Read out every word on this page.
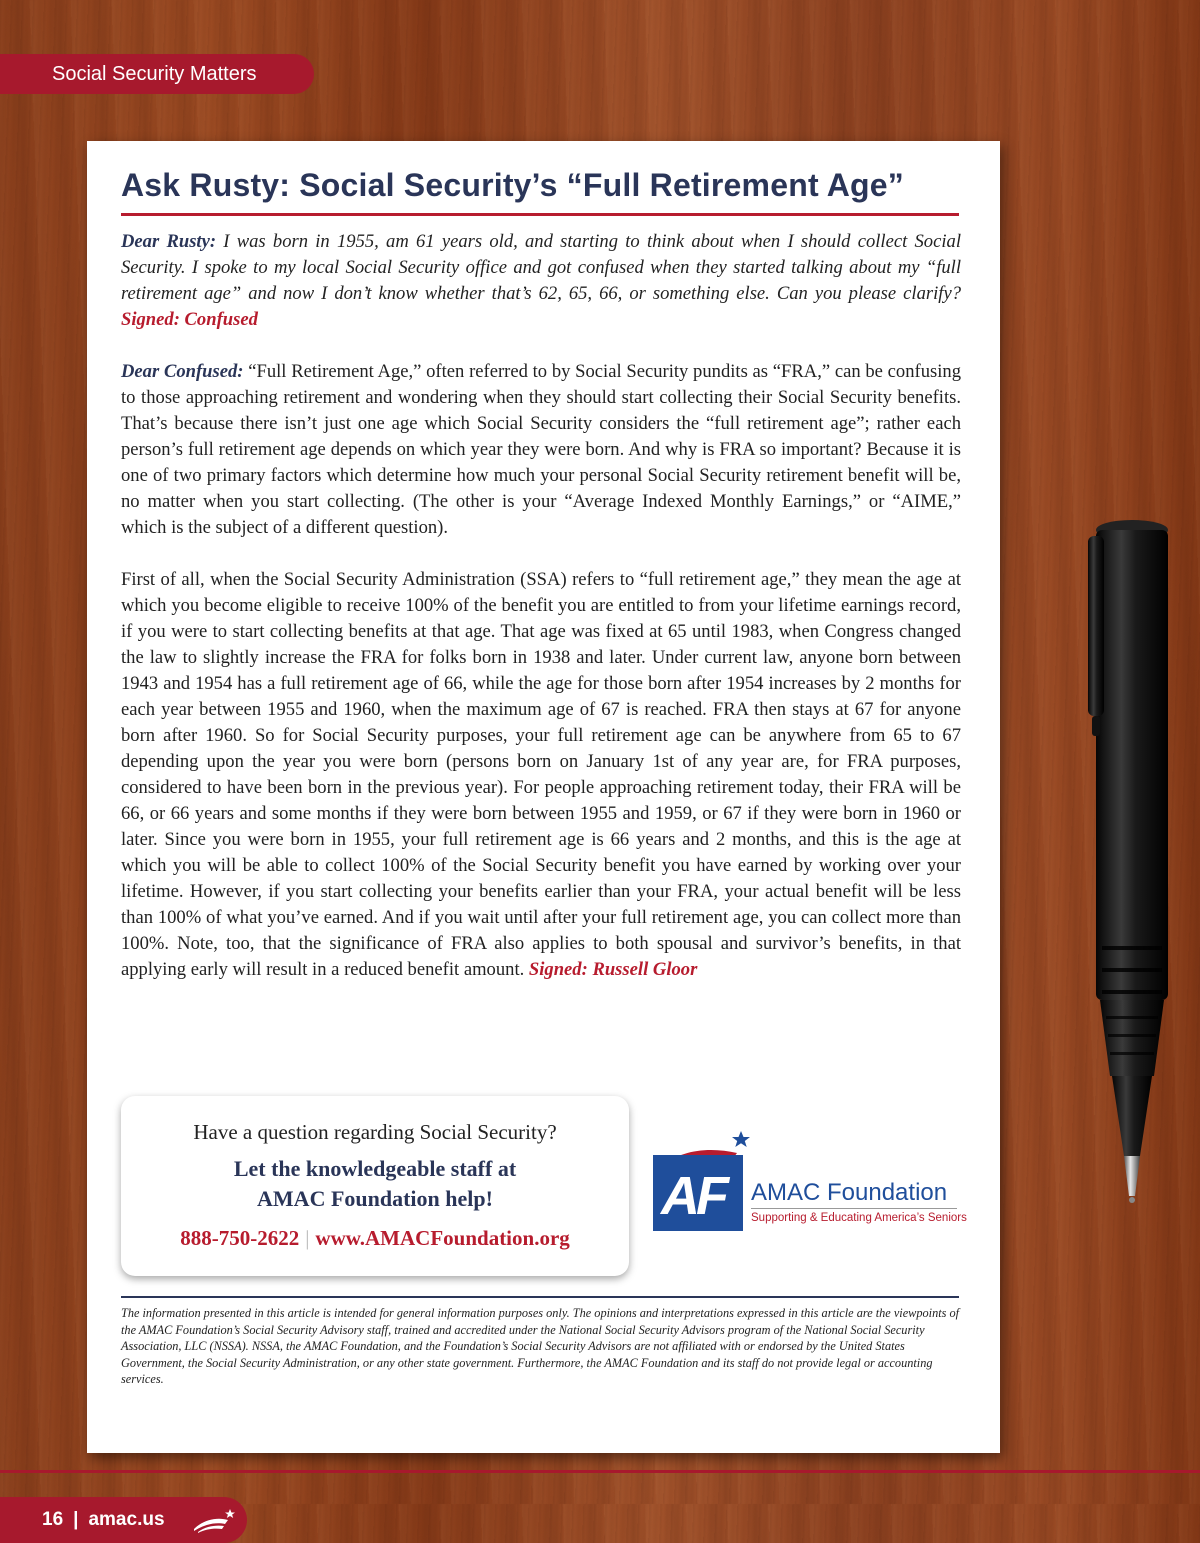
Social Security Matters
Ask Rusty: Social Security’s “Full Retirement Age”

Dear Rusty: I was born in 1955, am 61 years old, and starting to think about when I should collect Social Security. I spoke to my local Social Security office and got confused when they started talking about my “full retirement age” and now I don’t know whether that’s 62, 65, 66, or something else. Can you please clarify? Signed: Confused

Dear Confused: “Full Retirement Age,” often referred to by Social Security pundits as “FRA,” can be confusing to those approaching retirement and wondering when they should start collecting their Social Security benefits. That’s because there isn’t just one age which Social Security considers the “full retirement age”; rather each person’s full retirement age depends on which year they were born. And why is FRA so important? Because it is one of two primary factors which determine how much your personal Social Security retirement benefit will be, no matter when you start collecting. (The other is your “Average Indexed Monthly Earnings,” or “AIME,” which is the subject of a different question).

First of all, when the Social Security Administration (SSA) refers to “full retirement age,” they mean the age at which you become eligible to receive 100% of the benefit you are entitled to from your lifetime earnings record, if you were to start collecting benefits at that age. That age was fixed at 65 until 1983, when Congress changed the law to slightly increase the FRA for folks born in 1938 and later. Under current law, anyone born between 1943 and 1954 has a full retirement age of 66, while the age for those born after 1954 increases by 2 months for each year between 1955 and 1960, when the maximum age of 67 is reached. FRA then stays at 67 for anyone born after 1960. So for Social Security purposes, your full retirement age can be anywhere from 65 to 67 depending upon the year you were born (persons born on January 1st of any year are, for FRA purposes, considered to have been born in the previous year). For people approaching retirement today, their FRA will be 66, or 66 years and some months if they were born between 1955 and 1959, or 67 if they were born in 1960 or later. Since you were born in 1955, your full retirement age is 66 years and 2 months, and this is the age at which you will be able to collect 100% of the Social Security benefit you have earned by working over your lifetime. However, if you start collecting your benefits earlier than your FRA, your actual benefit will be less than 100% of what you’ve earned. And if you wait until after your full retirement age, you can collect more than 100%. Note, too, that the significance of FRA also applies to both spousal and survivor’s benefits, in that applying early will result in a reduced benefit amount. Signed: Russell Gloor

Have a question regarding Social Security?
Let the knowledgeable staff at
AMAC Foundation help!
888-750-2622 | www.AMACFoundation.org
AF AMAC Foundation
Supporting & Educating America’s Seniors
The information presented in this article is intended for general information purposes only. The opinions and interpretations expressed in this article are the viewpoints of the AMAC Foundation’s Social Security Advisory staff, trained and accredited under the National Social Security Advisors program of the National Social Security Association, LLC (NSSA). NSSA, the AMAC Foundation, and the Foundation’s Social Security Advisors are not affiliated with or endorsed by the United States Government, the Social Security Administration, or any other state government. Furthermore, the AMAC Foundation and its staff do not provide legal or accounting services.
16 | amac.us
